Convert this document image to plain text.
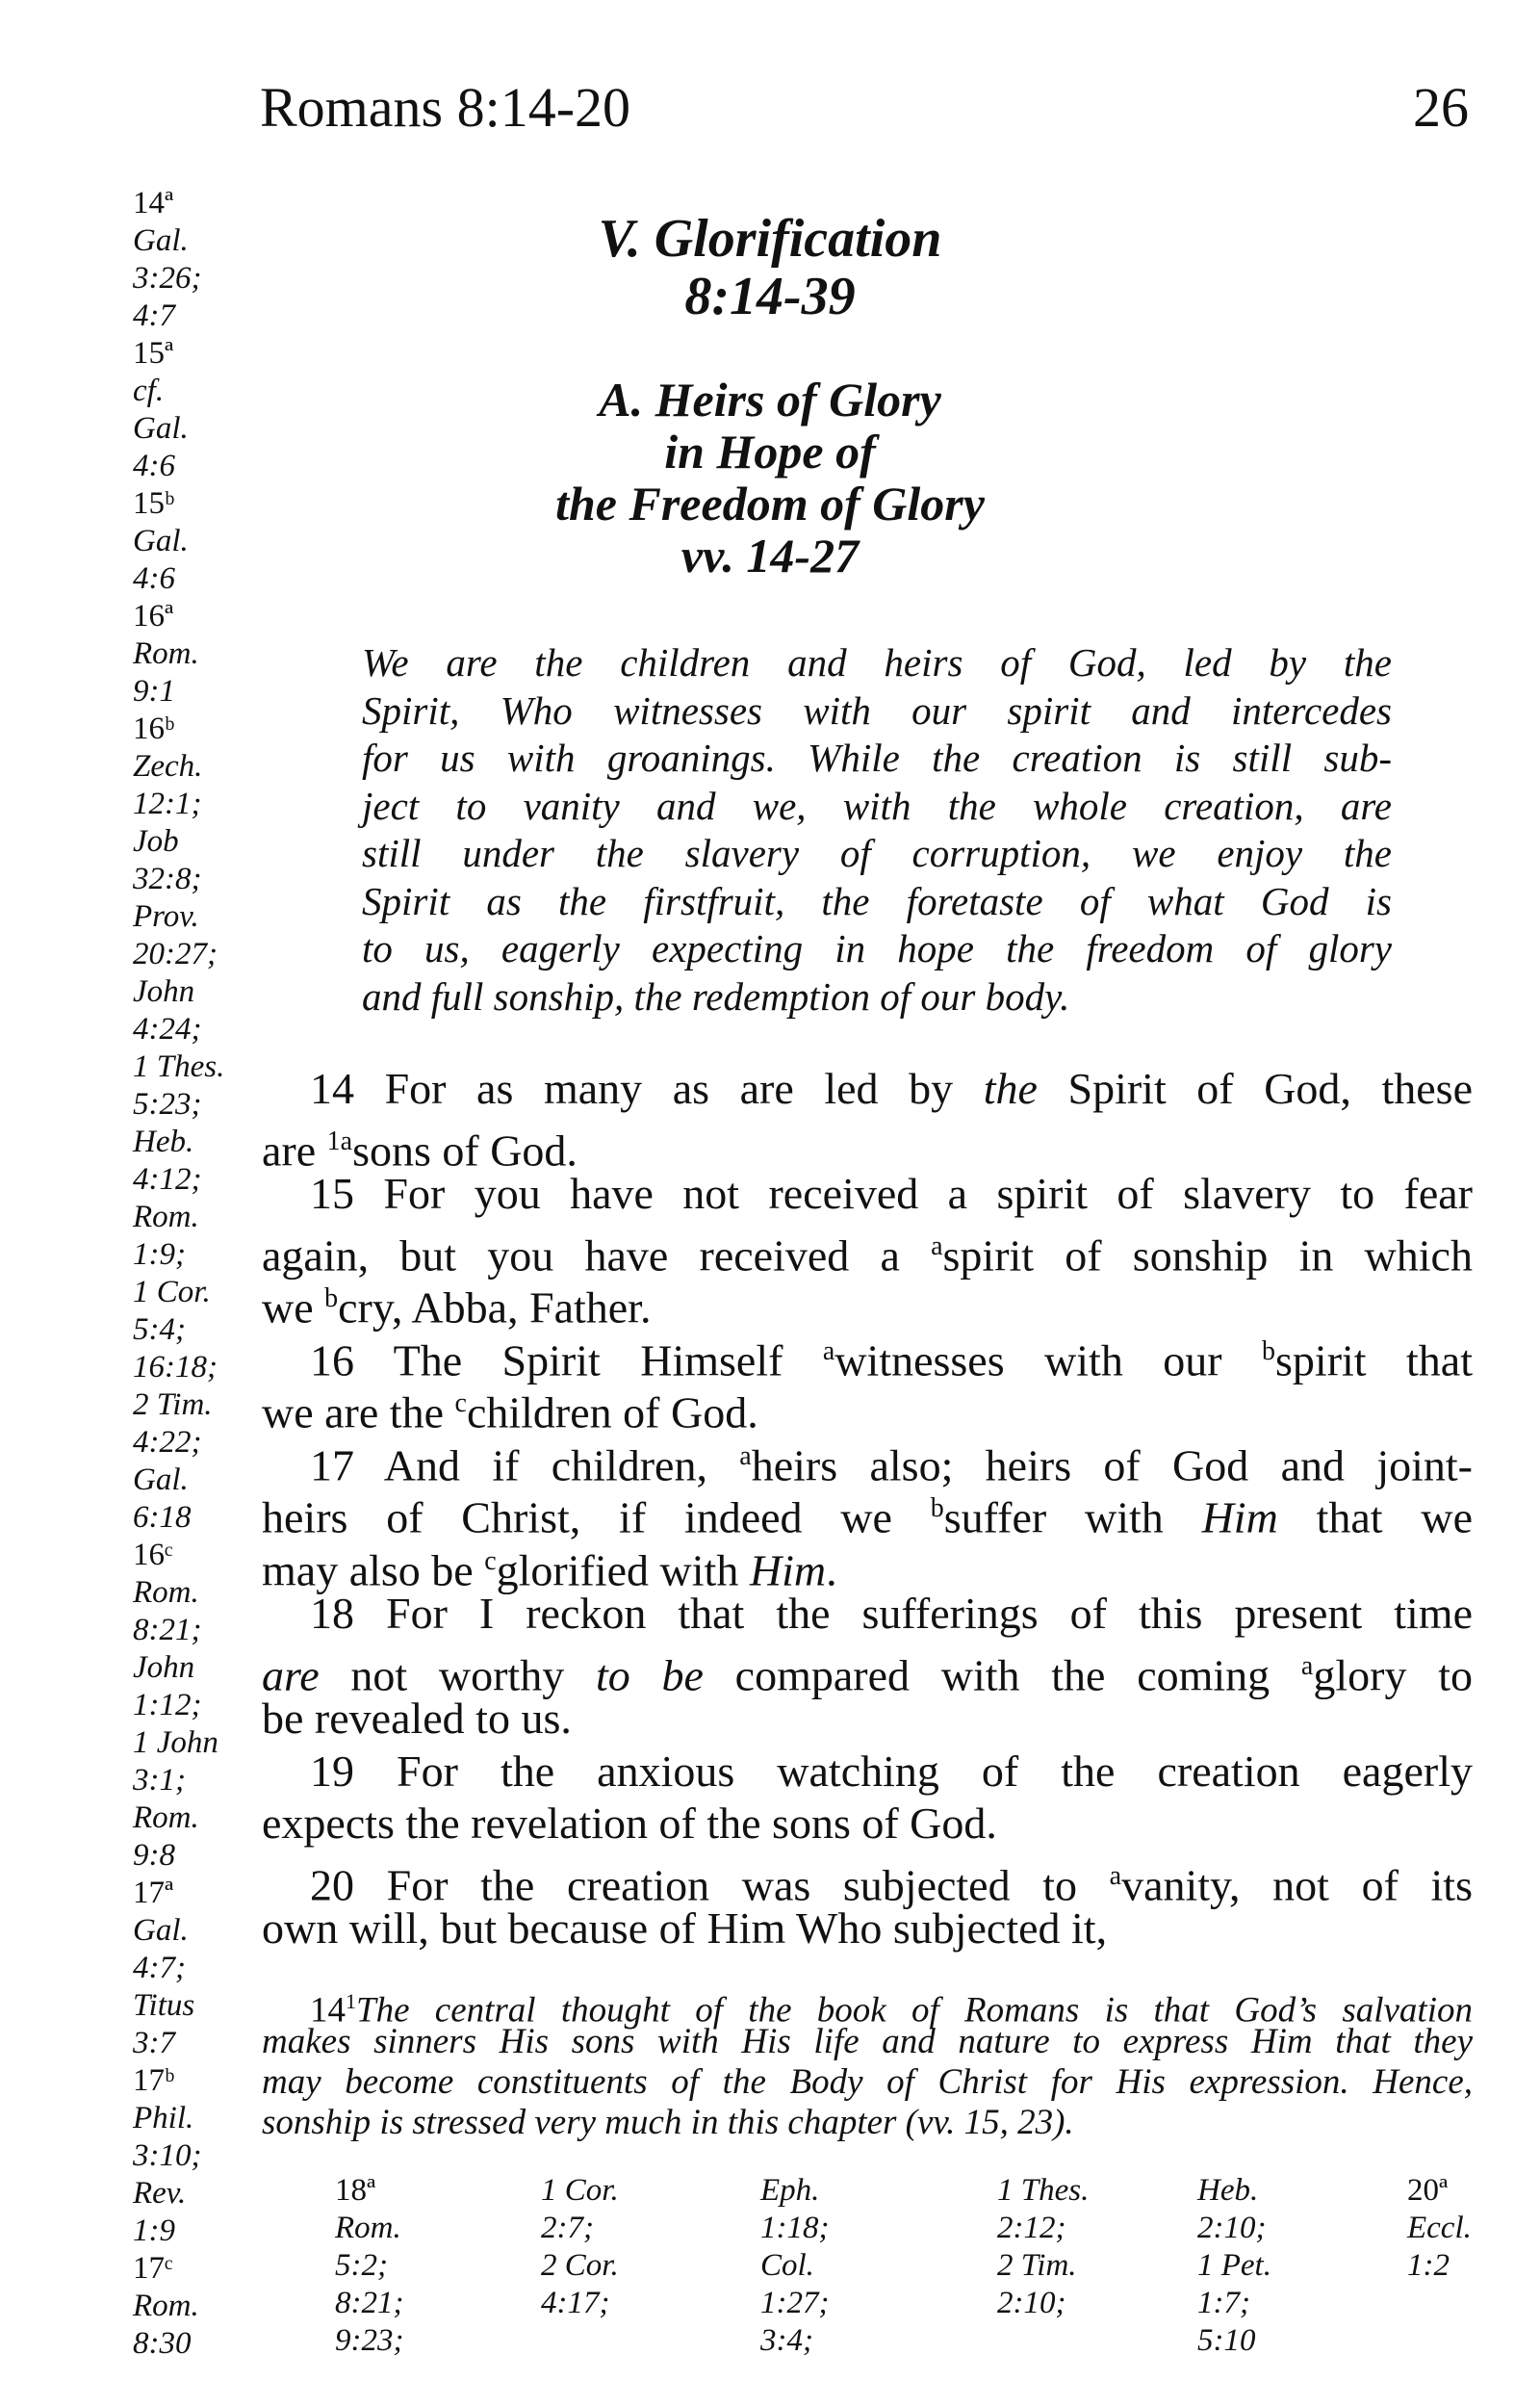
Romans 8:14-20	26
14ª
Gal.
3:26;
4:7
15ª
cf.
Gal.
4:6
15ᵇ
Gal.
4:6
16ª
Rom.
9:1
16ᵇ
Zech.
12:1;
Job
32:8;
Prov.
20:27;
John
4:24;
1 Thes.
5:23;
Heb.
4:12;
Rom.
1:9;
1 Cor.
5:4;
16:18;
2 Tim.
4:22;
Gal.
6:18
16ᶜ
Rom.
8:21;
John
1:12;
1 John
3:1;
Rom.
9:8
17ª
Gal.
4:7;
Titus
3:7
17ᵇ
Phil.
3:10;
Rev.
1:9
17ᶜ
Rom.
8:30
V. Glorification
8:14-39
A. Heirs of Glory
in Hope of
the Freedom of Glory
vv. 14-27
We are the children and heirs of God, led by the
Spirit, Who witnesses with our spirit and intercedes
for us with groanings. While the creation is still sub-
ject to vanity and we, with the whole creation, are
still under the slavery of corruption, we enjoy the
Spirit as the firstfruit, the foretaste of what God is
to us, eagerly expecting in hope the freedom of glory
and full sonship, the redemption of our body.
14 For as many as are led by the Spirit of God, these
are $^{1a}$sons of God.
15 For you have not received a spirit of slavery to fear
again, but you have received a $^a$spirit of sonship in which
we $^b$cry, Abba, Father.
16 The Spirit Himself $^a$witnesses with our $^b$spirit that
we are the $^c$children of God.
17 And if children, $^a$heirs also; heirs of God and joint-
heirs of Christ, if indeed we $^b$suffer with Him that we
may also be $^c$glorified with Him.
18 For I reckon that the sufferings of this present time
are not worthy to be compared with the coming $^a$glory to
be revealed to us.
19 For the anxious watching of the creation eagerly
expects the revelation of the sons of God.
20 For the creation was subjected to $^a$vanity, not of its
own will, but because of Him Who subjected it,
$14^1The$ central thought of the book of Romans is that God’s salvation
makes sinners His sons with His life and nature to express Him that they
may become constituents of the Body of Christ for His expression. Hence,
sonship is stressed very much in this chapter (vv. 15, 23).
18ª
Rom.
5:2;
8:21;
9:23;
1 Cor.
2:7;
2 Cor.
4:17;
Eph.
1:18;
Col.
1:27;
3:4;
1 Thes.
2:12;
2 Tim.
2:10;
Heb.
2:10;
1 Pet.
1:7;
5:10
20ª
Eccl.
1:2
